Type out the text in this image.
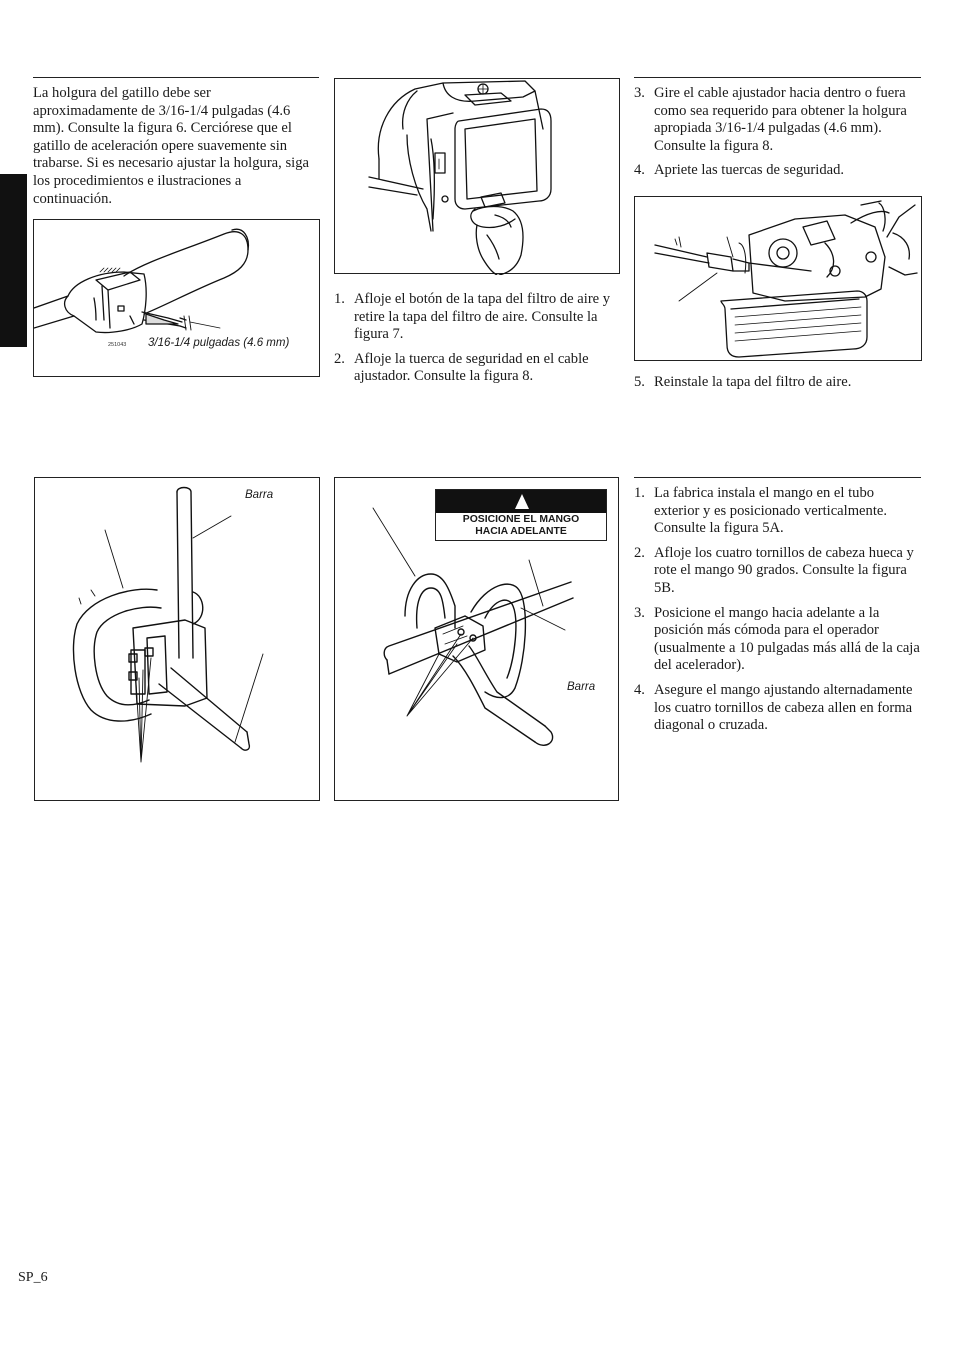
La holgura del gatillo debe ser aproximadamente de 3/16-1/4 pulgadas (4.6 mm). Consulte la figura 6. Cerciórese que el gatillo de aceleración opere suavemente sin trabarse. Si es necesario ajustar la holgura, siga los procedimientos e ilustraciones a continuación.
251043 3/16-1/4 pulgadas (4.6 mm)
1. Afloje el botón de la tapa del filtro de aire y retire la tapa del filtro de aire. Consulte la figura 7.
2. Afloje la tuerca de seguridad en el cable ajustador. Consulte la figura 8.
3. Gire el cable ajustador hacia dentro o fuera como sea requerido para obtener la holgura apropiada 3/16-1/4 pulgadas (4.6 mm). Consulte la figura 8.
4. Apriete las tuercas de seguridad.
5. Reinstale la tapa del filtro de aire.
Barra
POSICIONE EL MANGO
HACIA ADELANTE
Barra
1. La fabrica instala el mango en el tubo exterior y es posicionado verticalmente. Consulte la figura 5A.
2. Afloje los cuatro tornillos de cabeza hueca y rote el mango 90 grados. Consulte la figura 5B.
3. Posicione el mango hacia adelante a la posición más cómoda para el operador (usualmente a 10 pulgadas más allá de la caja del acelerador).
4. Asegure el mango ajustando alternadamente los cuatro tornillos de cabeza allen en forma diagonal o cruzada.
SP_6
